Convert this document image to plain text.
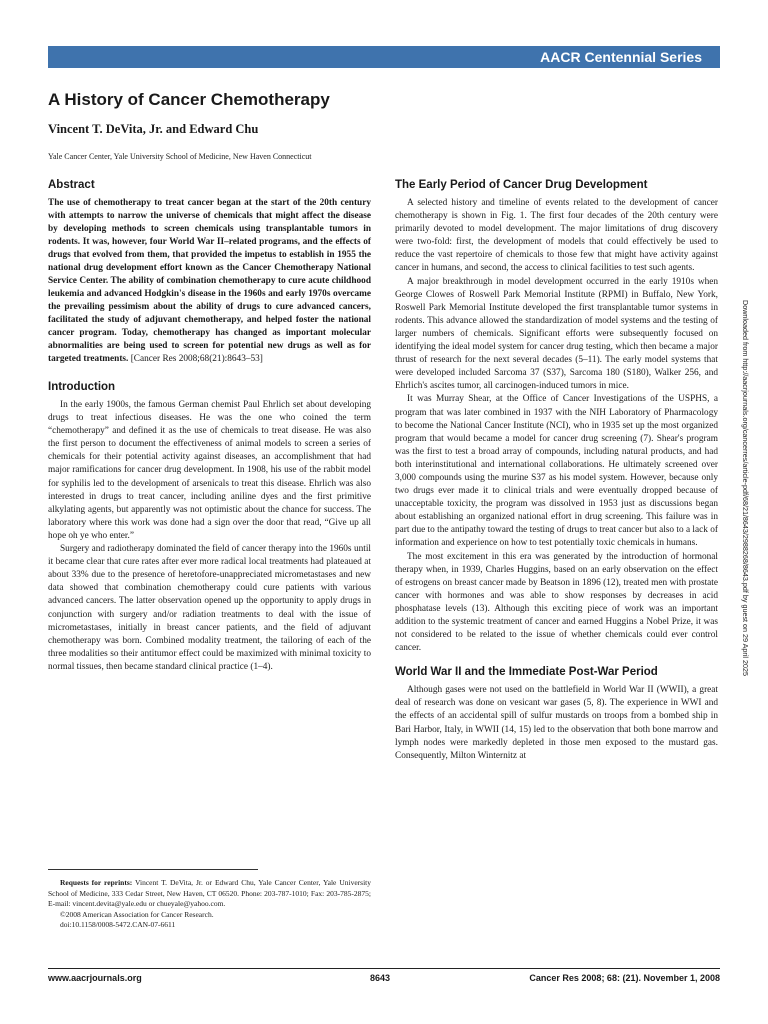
AACR Centennial Series
A History of Cancer Chemotherapy
Vincent T. DeVita, Jr. and Edward Chu
Yale Cancer Center, Yale University School of Medicine, New Haven Connecticut
Abstract

The use of chemotherapy to treat cancer began at the start of the 20th century with attempts to narrow the universe of chemicals that might affect the disease by developing methods to screen chemicals using transplantable tumors in rodents. It was, however, four World War II–related programs, and the effects of drugs that evolved from them, that provided the impetus to establish in 1955 the national drug development effort known as the Cancer Chemotherapy National Service Center. The ability of combination chemotherapy to cure acute childhood leukemia and advanced Hodgkin's disease in the 1960s and early 1970s overcame the prevailing pessimism about the ability of drugs to cure advanced cancers, facilitated the study of adjuvant chemotherapy, and helped foster the national cancer program. Today, chemotherapy has changed as important molecular abnormalities are being used to screen for potential new drugs as well as for targeted treatments. [Cancer Res 2008;68(21):8643–53]

Introduction

In the early 1900s, the famous German chemist Paul Ehrlich set about developing drugs to treat infectious diseases. He was the one who coined the term “chemotherapy” and defined it as the use of chemicals to treat disease. He was also the first person to document the effectiveness of animal models to screen a series of chemicals for their potential activity against diseases, an accomplishment that had major ramifications for cancer drug development. In 1908, his use of the rabbit model for syphilis led to the development of arsenicals to treat this disease. Ehrlich was also interested in drugs to treat cancer, including aniline dyes and the first primitive alkylating agents, but apparently was not optimistic about the chance for success. The laboratory where this work was done had a sign over the door that read, “Give up all hope oh ye who enter.”

Surgery and radiotherapy dominated the field of cancer therapy into the 1960s until it became clear that cure rates after ever more radical local treatments had plateaued at about 33% due to the presence of heretofore-unappreciated micrometastases and new data showed that combination chemotherapy could cure patients with various advanced cancers. The latter observation opened up the opportunity to apply drugs in conjunction with surgery and/or radiation treatments to deal with the issue of micrometastases, initially in breast cancer patients, and the field of adjuvant chemotherapy was born. Combined modality treatment, the tailoring of each of the three modalities so their antitumor effect could be maximized with minimal toxicity to normal tissues, then became standard clinical practice (1–4).

Requests for reprints: Vincent T. DeVita, Jr. or Edward Chu, Yale Cancer Center, Yale University School of Medicine, 333 Cedar Street, New Haven, CT 06520. Phone: 203-787-1010; Fax: 203-785-2875; E-mail: vincent.devita@yale.edu or chueyale@yahoo.com.

©2008 American Association for Cancer Research.

doi:10.1158/0008-5472.CAN-07-6611

The Early Period of Cancer Drug Development

A selected history and timeline of events related to the development of cancer chemotherapy is shown in Fig. 1. The first four decades of the 20th century were primarily devoted to model development. The major limitations of drug discovery were two-fold: first, the development of models that could effectively be used to reduce the vast repertoire of chemicals to those few that might have activity against cancer in humans, and second, the access to clinical facilities to test such agents.

A major breakthrough in model development occurred in the early 1910s when George Clowes of Roswell Park Memorial Institute (RPMI) in Buffalo, New York, Roswell Park Memorial Institute developed the first transplantable tumor systems in rodents. This advance allowed the standardization of model systems and the testing of larger numbers of chemicals. Significant efforts were subsequently focused on identifying the ideal model system for cancer drug testing, which then became a major thrust of research for the next several decades (5–11). The early model systems that were developed included Sarcoma 37 (S37), Sarcoma 180 (S180), Walker 256, and Ehrlich's ascites tumor, all carcinogen-induced tumors in mice.

It was Murray Shear, at the Office of Cancer Investigations of the USPHS, a program that was later combined in 1937 with the NIH Laboratory of Pharmacology to become the National Cancer Institute (NCI), who in 1935 set up the most organized program that would became a model for cancer drug screening (7). Shear's program was the first to test a broad array of compounds, including natural products, and had both interinstitutional and international collaborations. He ultimately screened over 3,000 compounds using the murine S37 as his model system. However, because only two drugs ever made it to clinical trials and were eventually dropped because of unacceptable toxicity, the program was dissolved in 1953 just as discussions began about establishing an organized national effort in drug screening. This failure was in part due to the antipathy toward the testing of drugs to treat cancer but also to a lack of information and experience on how to test potentially toxic chemicals in humans.

The most excitement in this era was generated by the introduction of hormonal therapy when, in 1939, Charles Huggins, based on an early observation on the effect of estrogens on breast cancer made by Beatson in 1896 (12), treated men with prostate cancer with hormones and was able to show responses by decreases in acid phosphatase levels (13). Although this exciting piece of work was an important addition to the systemic treatment of cancer and earned Huggins a Nobel Prize, it was not considered to be related to the issue of whether chemicals could ever control cancer.

World War II and the Immediate Post-War Period

Although gases were not used on the battlefield in World War II (WWII), a great deal of research was done on vesicant war gases (5, 8). The experience in WWI and the effects of an accidental spill of sulfur mustards on troops from a bombed ship in Bari Harbor, Italy, in WWII (14, 15) led to the observation that both bone marrow and lymph nodes were markedly depleted in those men exposed to the mustard gas. Consequently, Milton Winternitz at

Downloaded from http://aacrjournals.org/cancerres/article-pdf/68/21/8643/2988268/8643.pdf by guest on 29 April 2025
www.aacrjournals.org	8643	Cancer Res 2008; 68: (21). November 1, 2008
